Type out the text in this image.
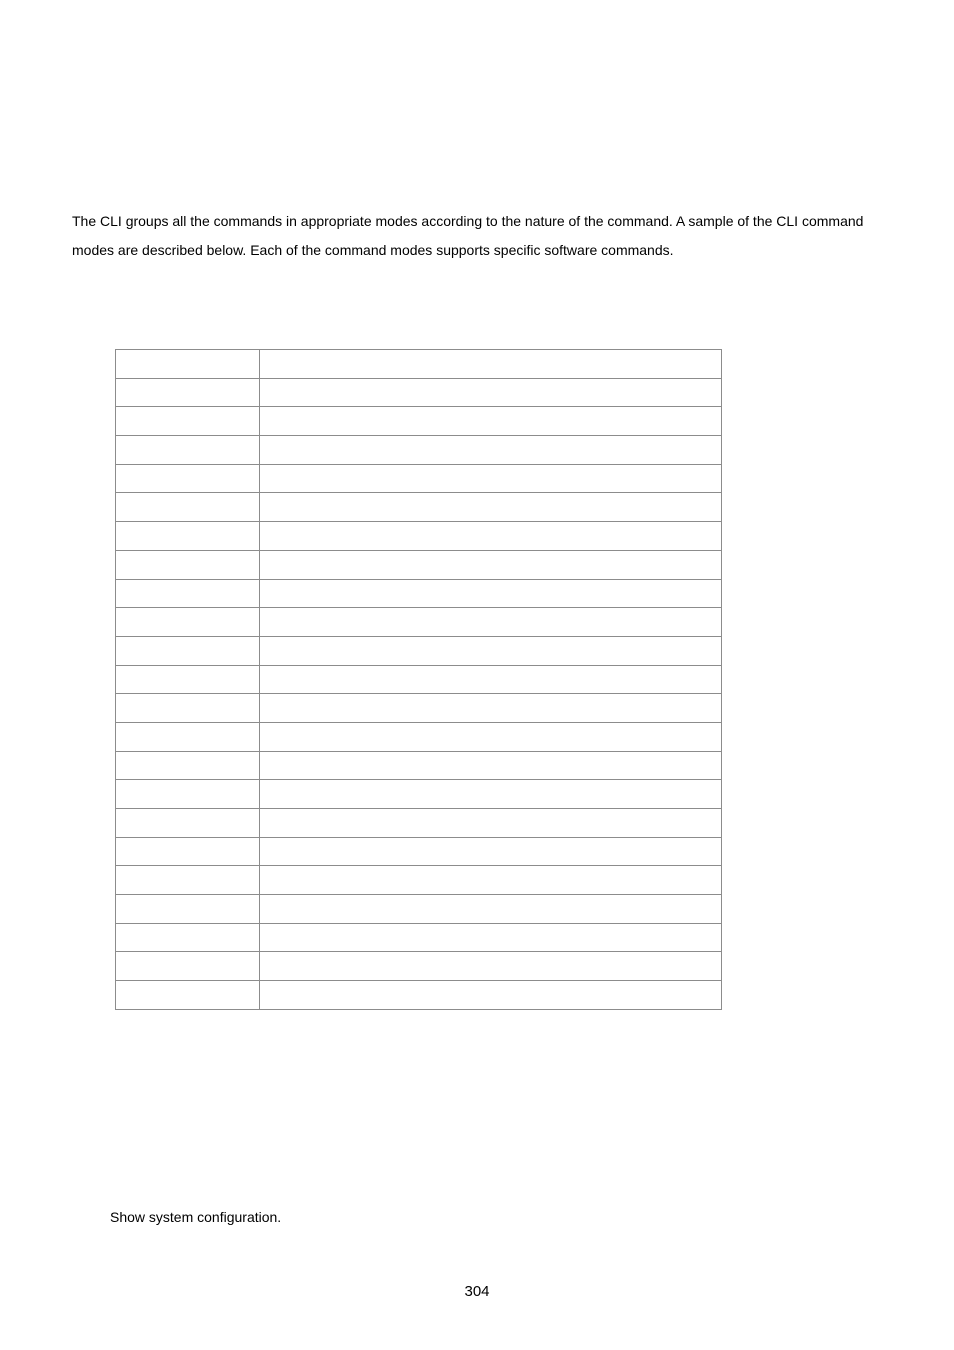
The CLI groups all the commands in appropriate modes according to the nature of the command. A sample of the CLI command
modes are described below. Each of the command modes supports specific software commands.

Show system configuration.

304
